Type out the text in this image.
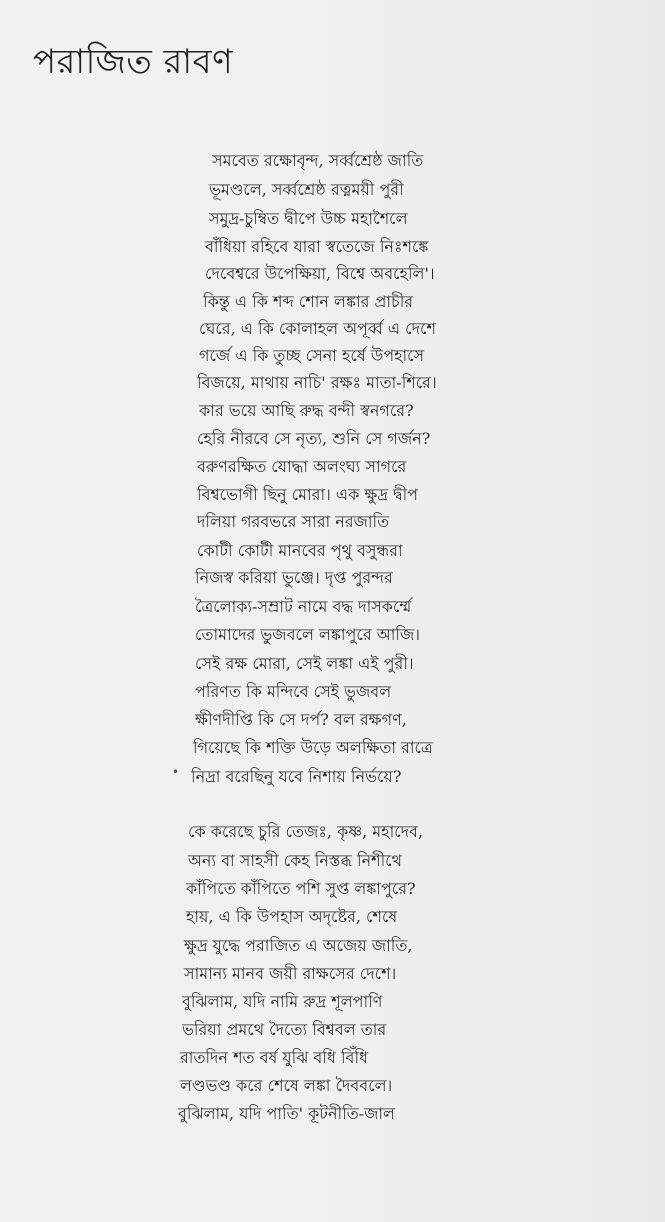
পরাজিত রাবণ
সমবেত রক্ষোবৃন্দ, সর্ব্বশ্রেষ্ঠ জাতি
ভূমণ্ডলে, সর্ব্বশ্রেষ্ঠ রত্নময়ী পুরী
সমুদ্র-চুম্বিত দ্বীপে উচ্চ মহাশৈলে
বাঁধিয়া রহিবে যারা স্বতেজে নিঃশঙ্কে
দেবেশ্বরে উপেক্ষিয়া, বিশ্বে অবহেলি'।
কিন্তু এ কি শব্দ শোন লঙ্কার প্রাচীর
ঘেরে, এ কি কোলাহল অপূর্ব্ব এ দেশে
গর্জে এ কি তুচ্ছ সেনা হর্ষে উপহাসে
বিজয়ে, মাথায় নাচি' রক্ষঃ মাতা-শিরে।
কার ভয়ে আছি রুদ্ধ বন্দী স্বনগরে?
হেরি নীরবে সে নৃত্য, শুনি সে গর্জন?
বরুণরক্ষিত যোদ্ধা অলংঘ্য সাগরে
বিশ্বভোগী ছিনু মোরা। এক ক্ষুদ্র দ্বীপ
দলিয়া গরবভরে সারা নরজাতি
কোটী কোটী মানবের পৃথু বসুন্ধরা
নিজস্ব করিয়া ভুঞ্জে। দৃপ্ত পুরন্দর
ত্রৈলোক্য-সম্রাট নামে বদ্ধ দাসকর্ম্মে
তোমাদের ভুজবলে লঙ্কাপুরে আজি।
সেই রক্ষ মোরা, সেই লঙ্কা এই পুরী।
পরিণত কি মন্দিবে সেই ভুজবল
ক্ষীণদীপ্তি কি সে দর্প? বল রক্ষগণ,
গিয়েছে কি শক্তি উড়ে অলক্ষিতা রাত্রে
নিদ্রা বরেছিনু যবে নিশায় নির্ভয়ে?
•
কে করেছে চুরি তেজঃ, কৃষ্ণ, মহাদেব,
অন্য বা সাহসী কেহ নিস্তব্ধ নিশীথে
কাঁপিতে কাঁপিতে পশি সুপ্ত লঙ্কাপুরে?
হায়, এ কি উপহাস অদৃষ্টের, শেষে
ক্ষুদ্র যুদ্ধে পরাজিত এ অজেয় জাতি,
সামান্য মানব জয়ী রাক্ষসের দেশে।
বুঝিলাম, যদি নামি রুদ্র শূলপাণি
ভরিয়া প্রমথে দৈত্যে বিশ্ববল তার
রাতদিন শত বর্ষ যুঝি বধি বিঁধি
লণ্ডভণ্ড করে শেষে লঙ্কা দৈববলে।
বুঝিলাম, যদি পাতি' কূটনীতি-জাল
